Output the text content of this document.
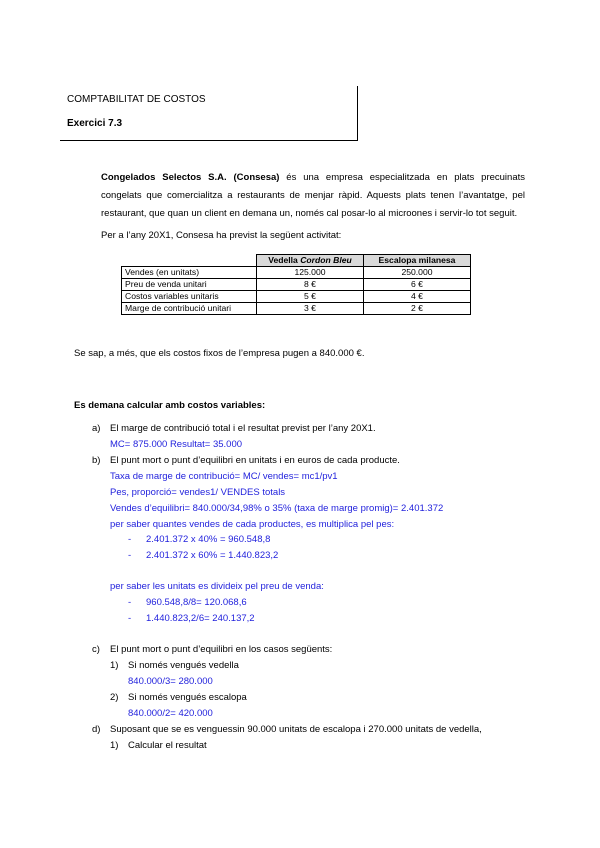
COMPTABILITAT DE COSTOS
Exercici 7.3
Congelados Selectos S.A. (Consesa) és una empresa especialitzada en plats precuinats congelats que comercialitza a restaurants de menjar ràpid. Aquests plats tenen l’avantatge, pel restaurant, que quan un client en demana un, només cal posar-lo al microones i servir-lo tot seguit.
Per a l’any 20X1, Consesa ha previst la següent activitat:
	Vedella Cordon Bleu	Escalopa milanesa
Vendes (en unitats)	125.000	250.000
Preu de venda unitari	8 €	6 €
Costos variables unitaris	5 €	4 €
Marge de contribució unitari	3 €	2 €
Se sap, a més, que els costos fixos de l’empresa pugen a 840.000 €.
Es demana calcular amb costos variables:
a) El marge de contribució total i el resultat previst per l’any 20X1.
MC= 875.000 Resultat= 35.000
b) El punt mort o punt d’equilibri en unitats i en euros de cada producte.
Taxa de marge de contribució= MC/ vendes= mc1/pv1
Pes, proporció= vendes1/ VENDES totals
Vendes d’equilibri= 840.000/34,98% o 35% (taxa de marge promig)= 2.401.372
per saber quantes vendes de cada productes, es multiplica pel pes:
- 2.401.372 x 40% = 960.548,8
- 2.401.372 x 60% = 1.440.823,2
per saber les unitats es divideix pel preu de venda:
- 960.548,8/8= 120.068,6
- 1.440.823,2/6= 240.137,2
c) El punt mort o punt d’equilibri en los casos següents:
1) Si només vengués vedella
840.000/3= 280.000
2) Si només vengués escalopa
840.000/2= 420.000
d) Suposant que se es venguessin 90.000 unitats de escalopa i 270.000 unitats de vedella,
1) Calcular el resultat
